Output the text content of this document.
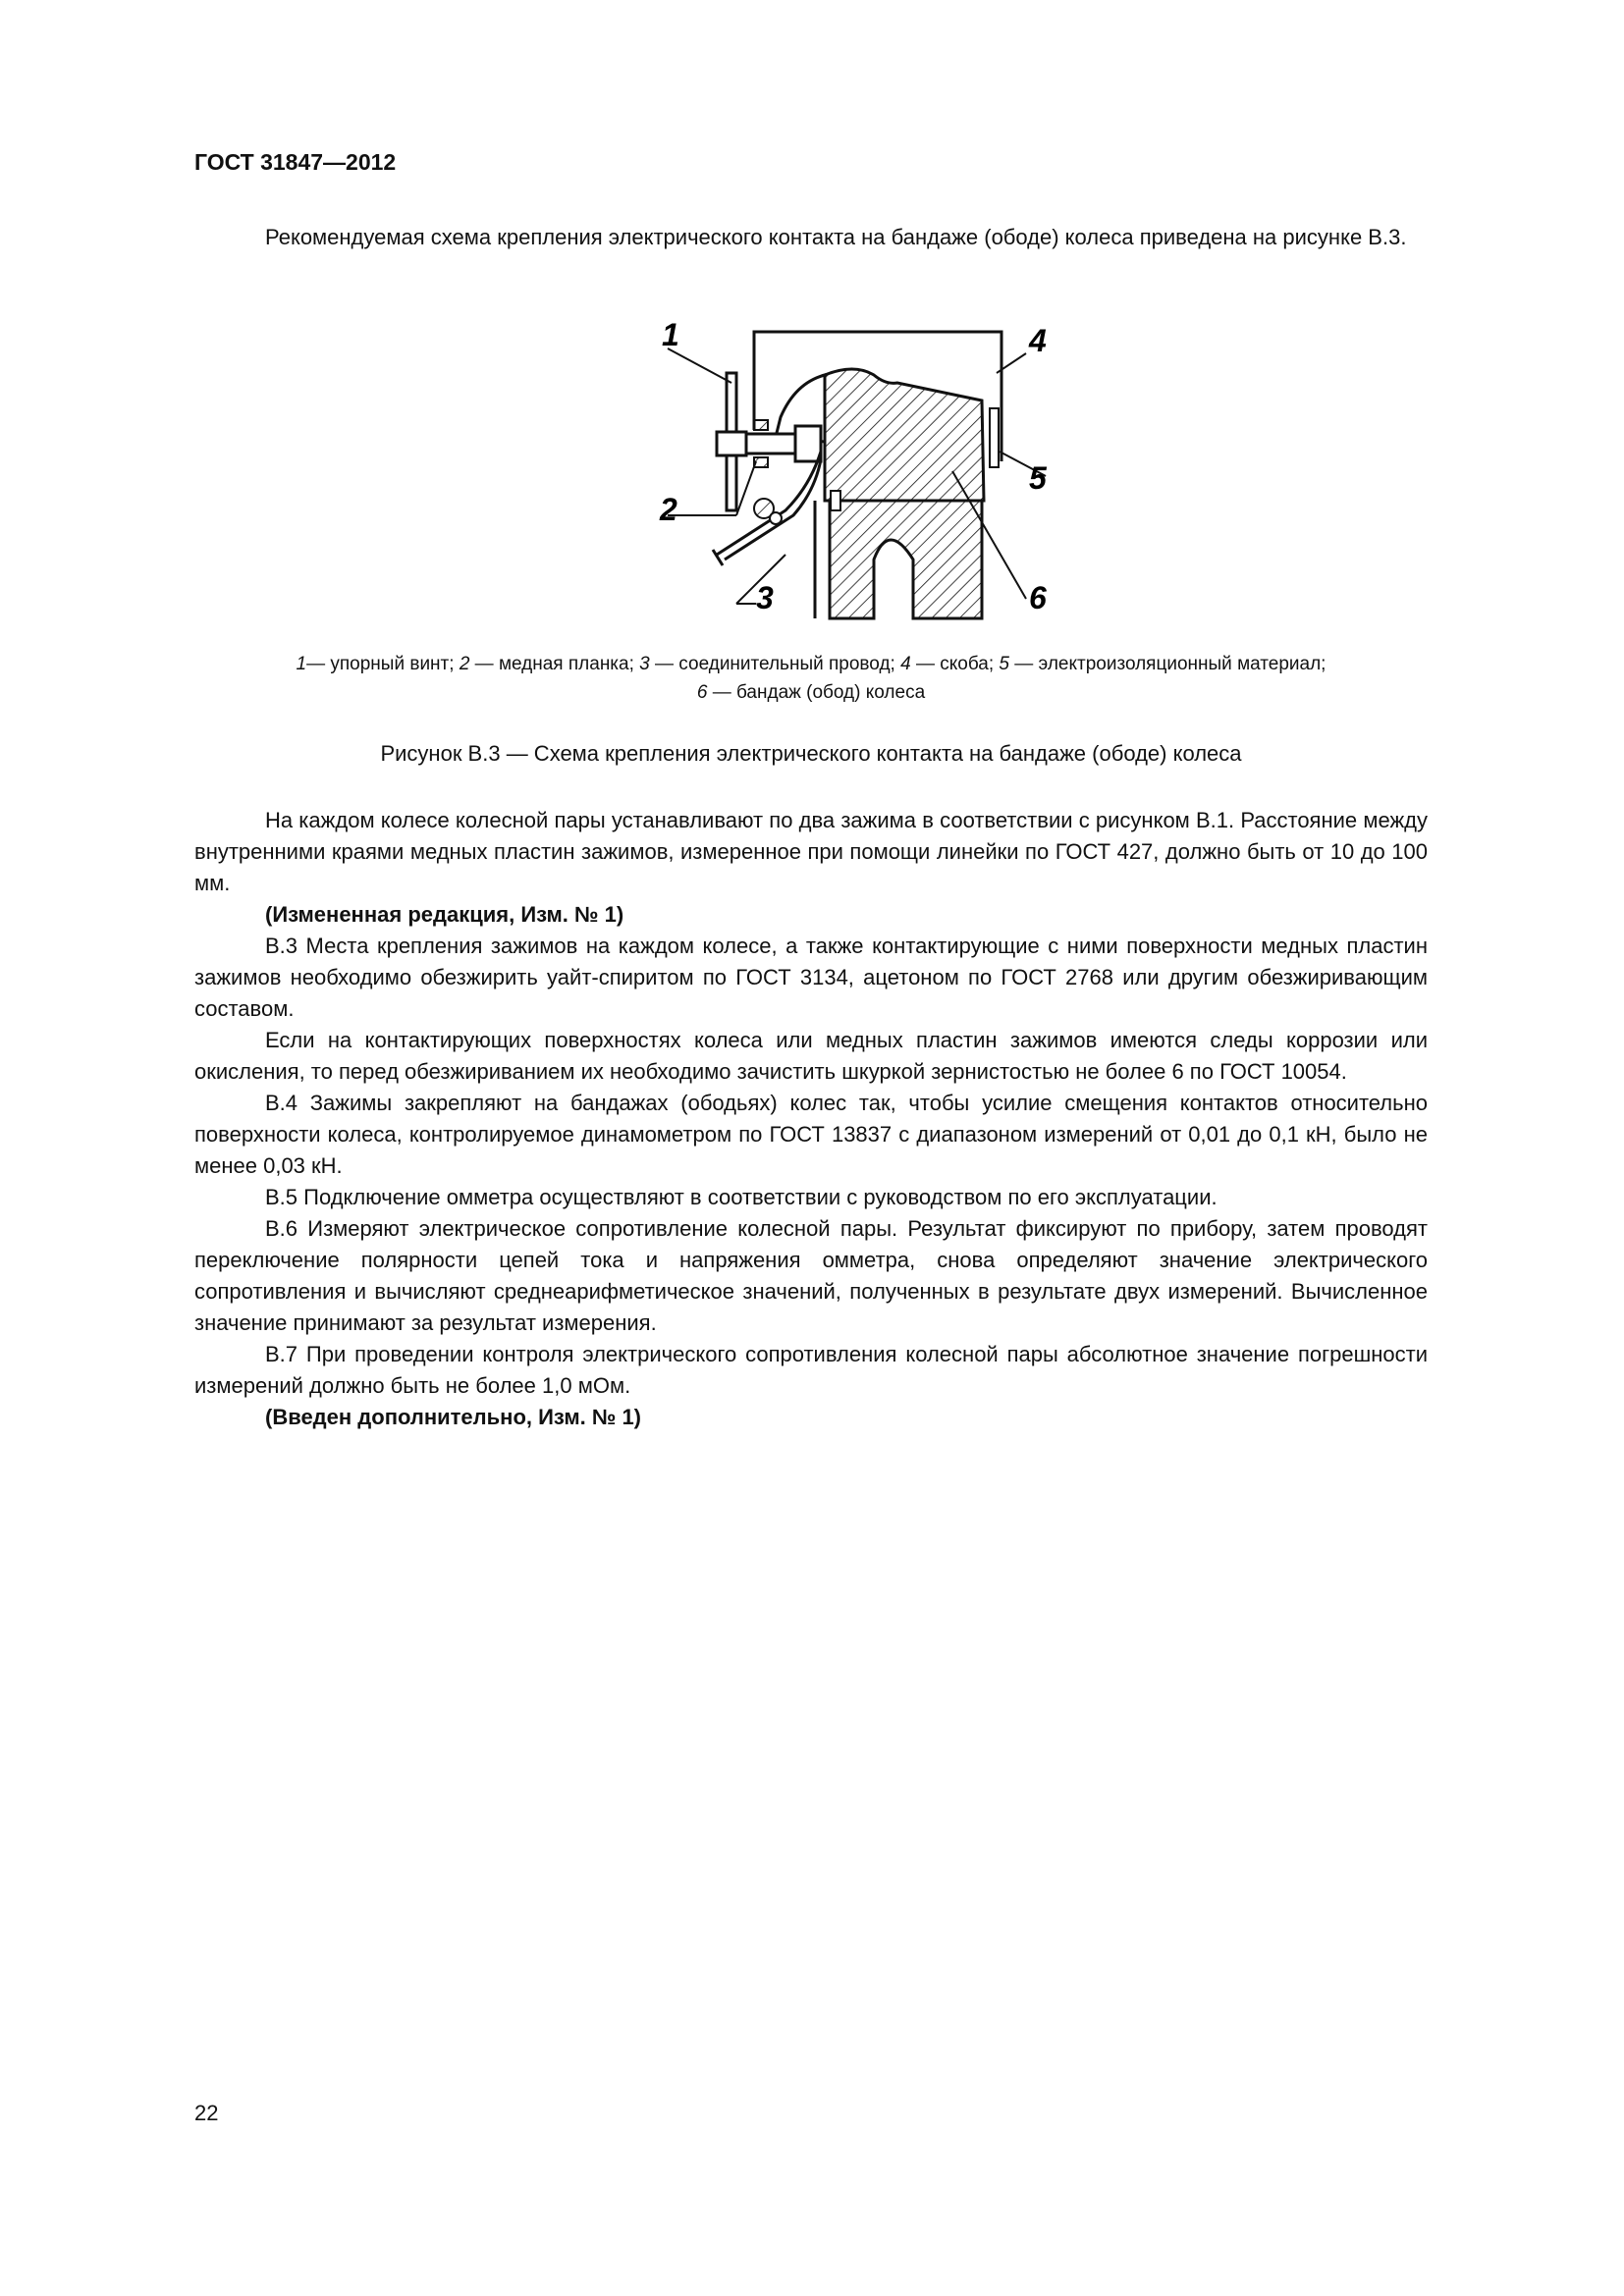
ГОСТ 31847—2012

Рекомендуемая схема крепления электрического контакта на бандаже (ободе) колеса приведена на рисунке В.3.

1
2
3
4
5
6
1— упорный винт; 2 — медная планка; 3 — соединительный провод; 4 — скоба; 5 — электроизоляционный материал;
6 — бандаж (обод) колеса
Рисунок В.3 — Схема крепления электрического контакта на бандаже (ободе) колеса

На каждом колесе колесной пары устанавливают по два зажима в соответствии с рисунком В.1. Расстояние между внутренними краями медных пластин зажимов, измеренное при помощи линейки по ГОСТ 427, должно быть от 10 до 100 мм.

(Измененная редакция, Изм. № 1)

В.3 Места крепления зажимов на каждом колесе, а также контактирующие с ними поверхности медных пластин зажимов необходимо обезжирить уайт-спиритом по ГОСТ 3134, ацетоном по ГОСТ 2768 или другим обезжиривающим составом.

Если на контактирующих поверхностях колеса или медных пластин зажимов имеются следы коррозии или окисления, то перед обезжириванием их необходимо зачистить шкуркой зернистостью не более 6 по ГОСТ 10054.

В.4 Зажимы закрепляют на бандажах (ободьях) колес так, чтобы усилие смещения контактов относительно поверхности колеса, контролируемое динамометром по ГОСТ 13837 с диапазоном измерений от 0,01 до 0,1 кН, было не менее 0,03 кН.

В.5 Подключение омметра осуществляют в соответствии с руководством по его эксплуатации.

В.6 Измеряют электрическое сопротивление колесной пары. Результат фиксируют по прибору, затем проводят переключение полярности цепей тока и напряжения омметра, снова определяют значение электрического сопротивления и вычисляют среднеарифметическое значений, полученных в результате двух измерений. Вычисленное значение принимают за результат измерения.

В.7 При проведении контроля электрического сопротивления колесной пары абсолютное значение погрешности измерений должно быть не более 1,0 мОм.

(Введен дополнительно, Изм. № 1)

22
